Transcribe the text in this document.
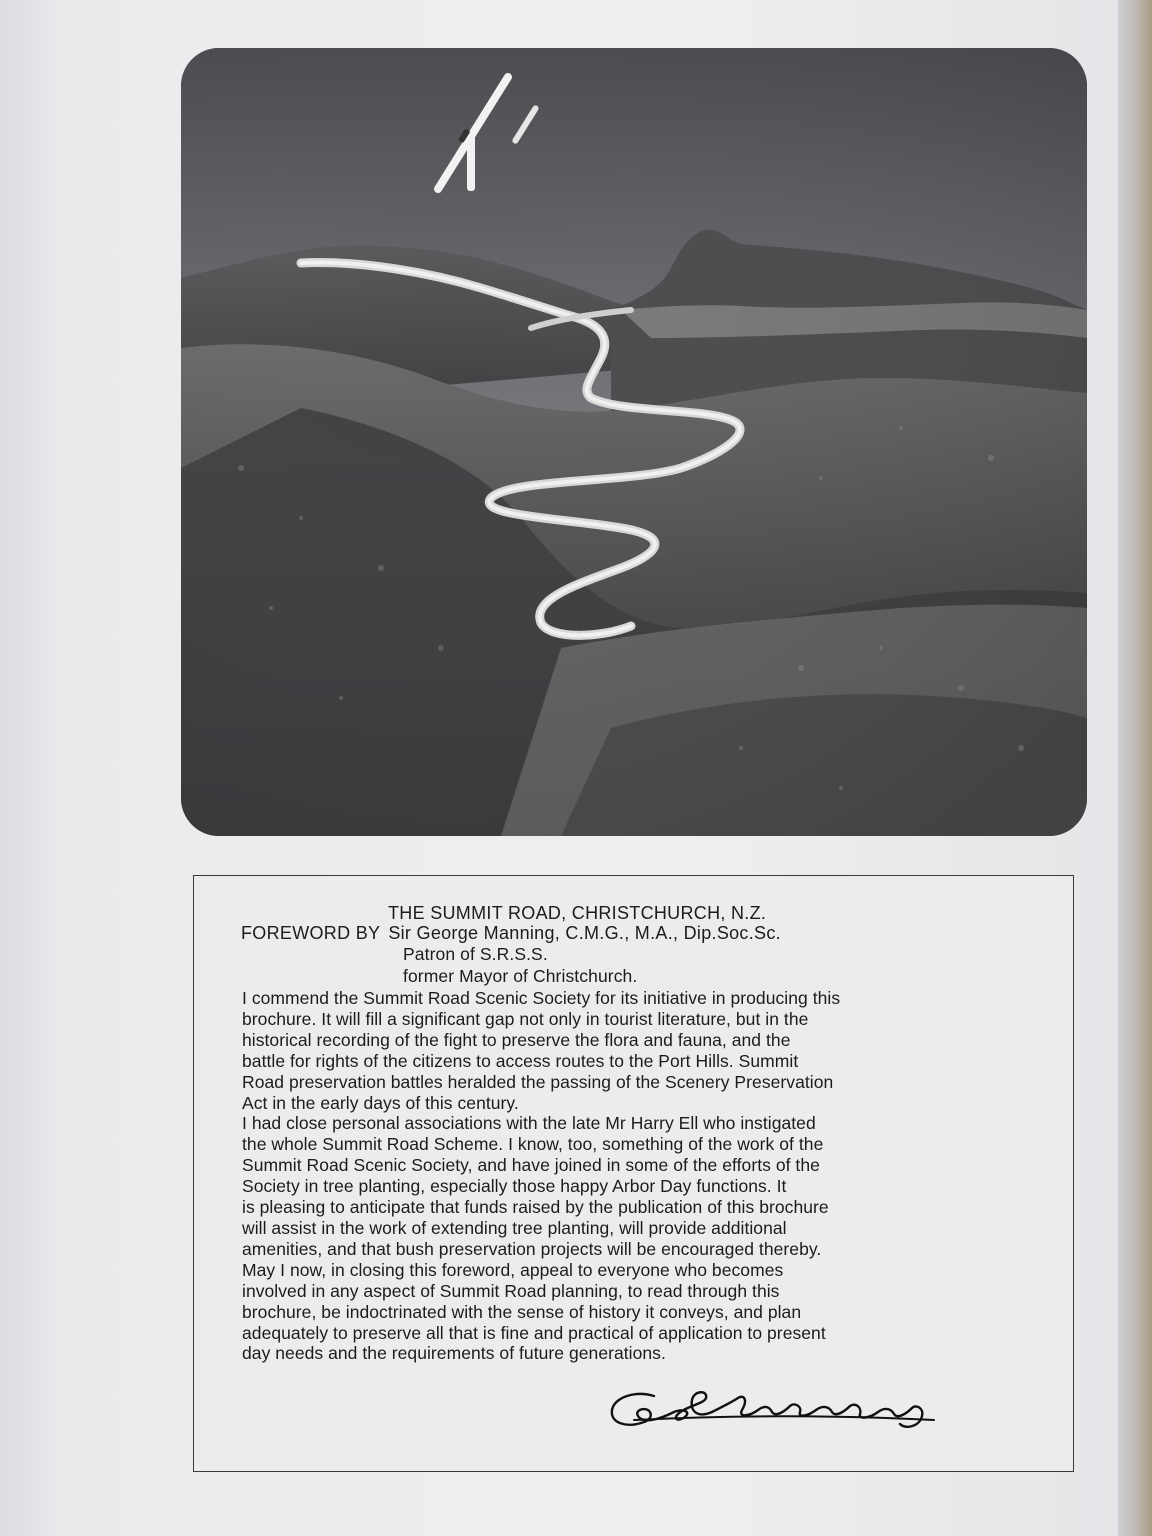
THE SUMMIT ROAD, CHRISTCHURCH, N.Z.
FOREWORD BY Sir George Manning, C.M.G., M.A., Dip.Soc.Sc.
Patron of S.R.S.S.
former Mayor of Christchurch.
I commend the Summit Road Scenic Society for its initiative in producing this
brochure. It will fill a significant gap not only in tourist literature, but in the
historical recording of the fight to preserve the flora and fauna, and the
battle for rights of the citizens to access routes to the Port Hills. Summit
Road preservation battles heralded the passing of the Scenery Preservation
Act in the early days of this century.
I had close personal associations with the late Mr Harry Ell who instigated
the whole Summit Road Scheme. I know, too, something of the work of the
Summit Road Scenic Society, and have joined in some of the efforts of the
Society in tree planting, especially those happy Arbor Day functions. It
is pleasing to anticipate that funds raised by the publication of this brochure
will assist in the work of extending tree planting, will provide additional
amenities, and that bush preservation projects will be encouraged thereby.
May I now, in closing this foreword, appeal to everyone who becomes
involved in any aspect of Summit Road planning, to read through this
brochure, be indoctrinated with the sense of history it conveys, and plan
adequately to preserve all that is fine and practical of application to present
day needs and the requirements of future generations.
